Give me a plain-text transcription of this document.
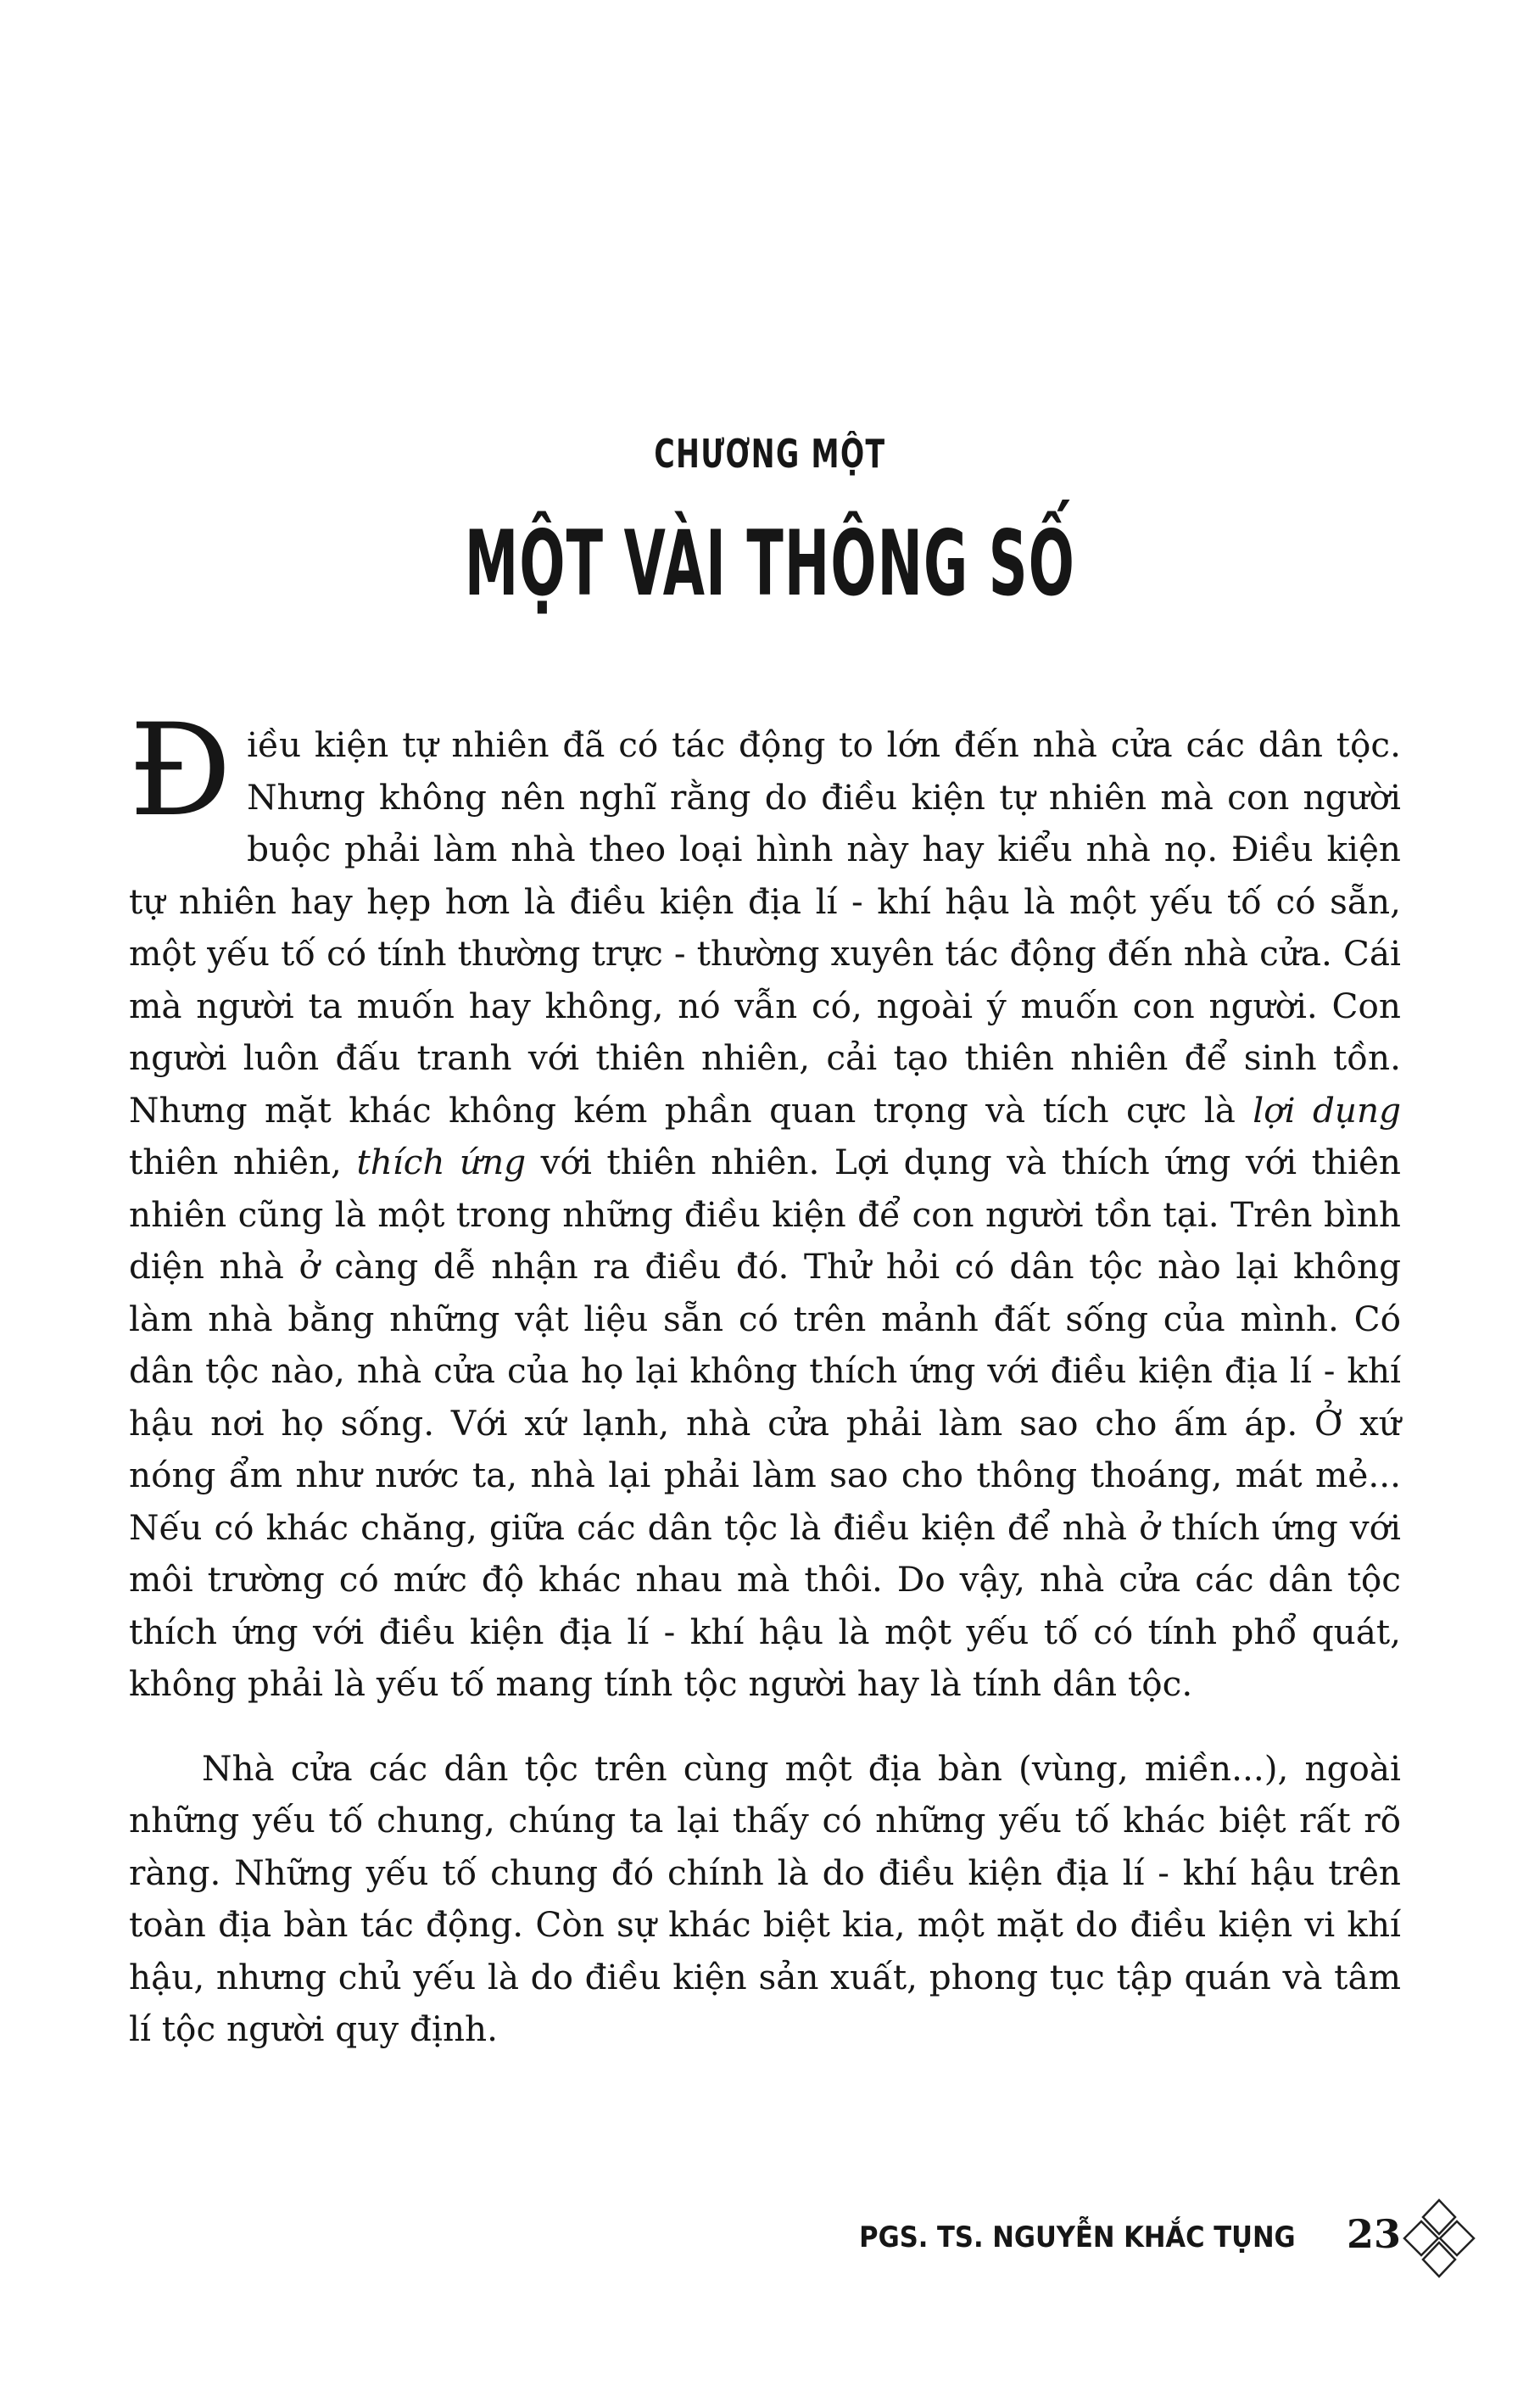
CHƯƠNG MỘT
MỘT VÀI THÔNG SỐ

Điều kiện tự nhiên đã có tác động to lớn đến nhà cửa các dân tộc. Nhưng không nên nghĩ rằng do điều kiện tự nhiên mà con người buộc phải làm nhà theo loại hình này hay kiểu nhà nọ. Điều kiện tự nhiên hay hẹp hơn là điều kiện địa lí - khí hậu là một yếu tố có sẵn, một yếu tố có tính thường trực - thường xuyên tác động đến nhà cửa. Cái mà người ta muốn hay không, nó vẫn có, ngoài ý muốn con người. Con người luôn đấu tranh với thiên nhiên, cải tạo thiên nhiên để sinh tồn. Nhưng mặt khác không kém phần quan trọng và tích cực là lợi dụng thiên nhiên, thích ứng với thiên nhiên. Lợi dụng và thích ứng với thiên nhiên cũng là một trong những điều kiện để con người tồn tại. Trên bình diện nhà ở càng dễ nhận ra điều đó. Thử hỏi có dân tộc nào lại không làm nhà bằng những vật liệu sẵn có trên mảnh đất sống của mình. Có dân tộc nào, nhà cửa của họ lại không thích ứng với điều kiện địa lí - khí hậu nơi họ sống. Với xứ lạnh, nhà cửa phải làm sao cho ấm áp. Ở xứ nóng ẩm như nước ta, nhà lại phải làm sao cho thông thoáng, mát mẻ... Nếu có khác chăng, giữa các dân tộc là điều kiện để nhà ở thích ứng với môi trường có mức độ khác nhau mà thôi. Do vậy, nhà cửa các dân tộc thích ứng với điều kiện địa lí - khí hậu là một yếu tố có tính phổ quát, không phải là yếu tố mang tính tộc người hay là tính dân tộc.

Nhà cửa các dân tộc trên cùng một địa bàn (vùng, miền...), ngoài những yếu tố chung, chúng ta lại thấy có những yếu tố khác biệt rất rõ ràng. Những yếu tố chung đó chính là do điều kiện địa lí - khí hậu trên toàn địa bàn tác động. Còn sự khác biệt kia, một mặt do điều kiện vi khí hậu, nhưng chủ yếu là do điều kiện sản xuất, phong tục tập quán và tâm lí tộc người quy định.

PGS. TS. NGUYỄN KHẮC TỤNG 23
